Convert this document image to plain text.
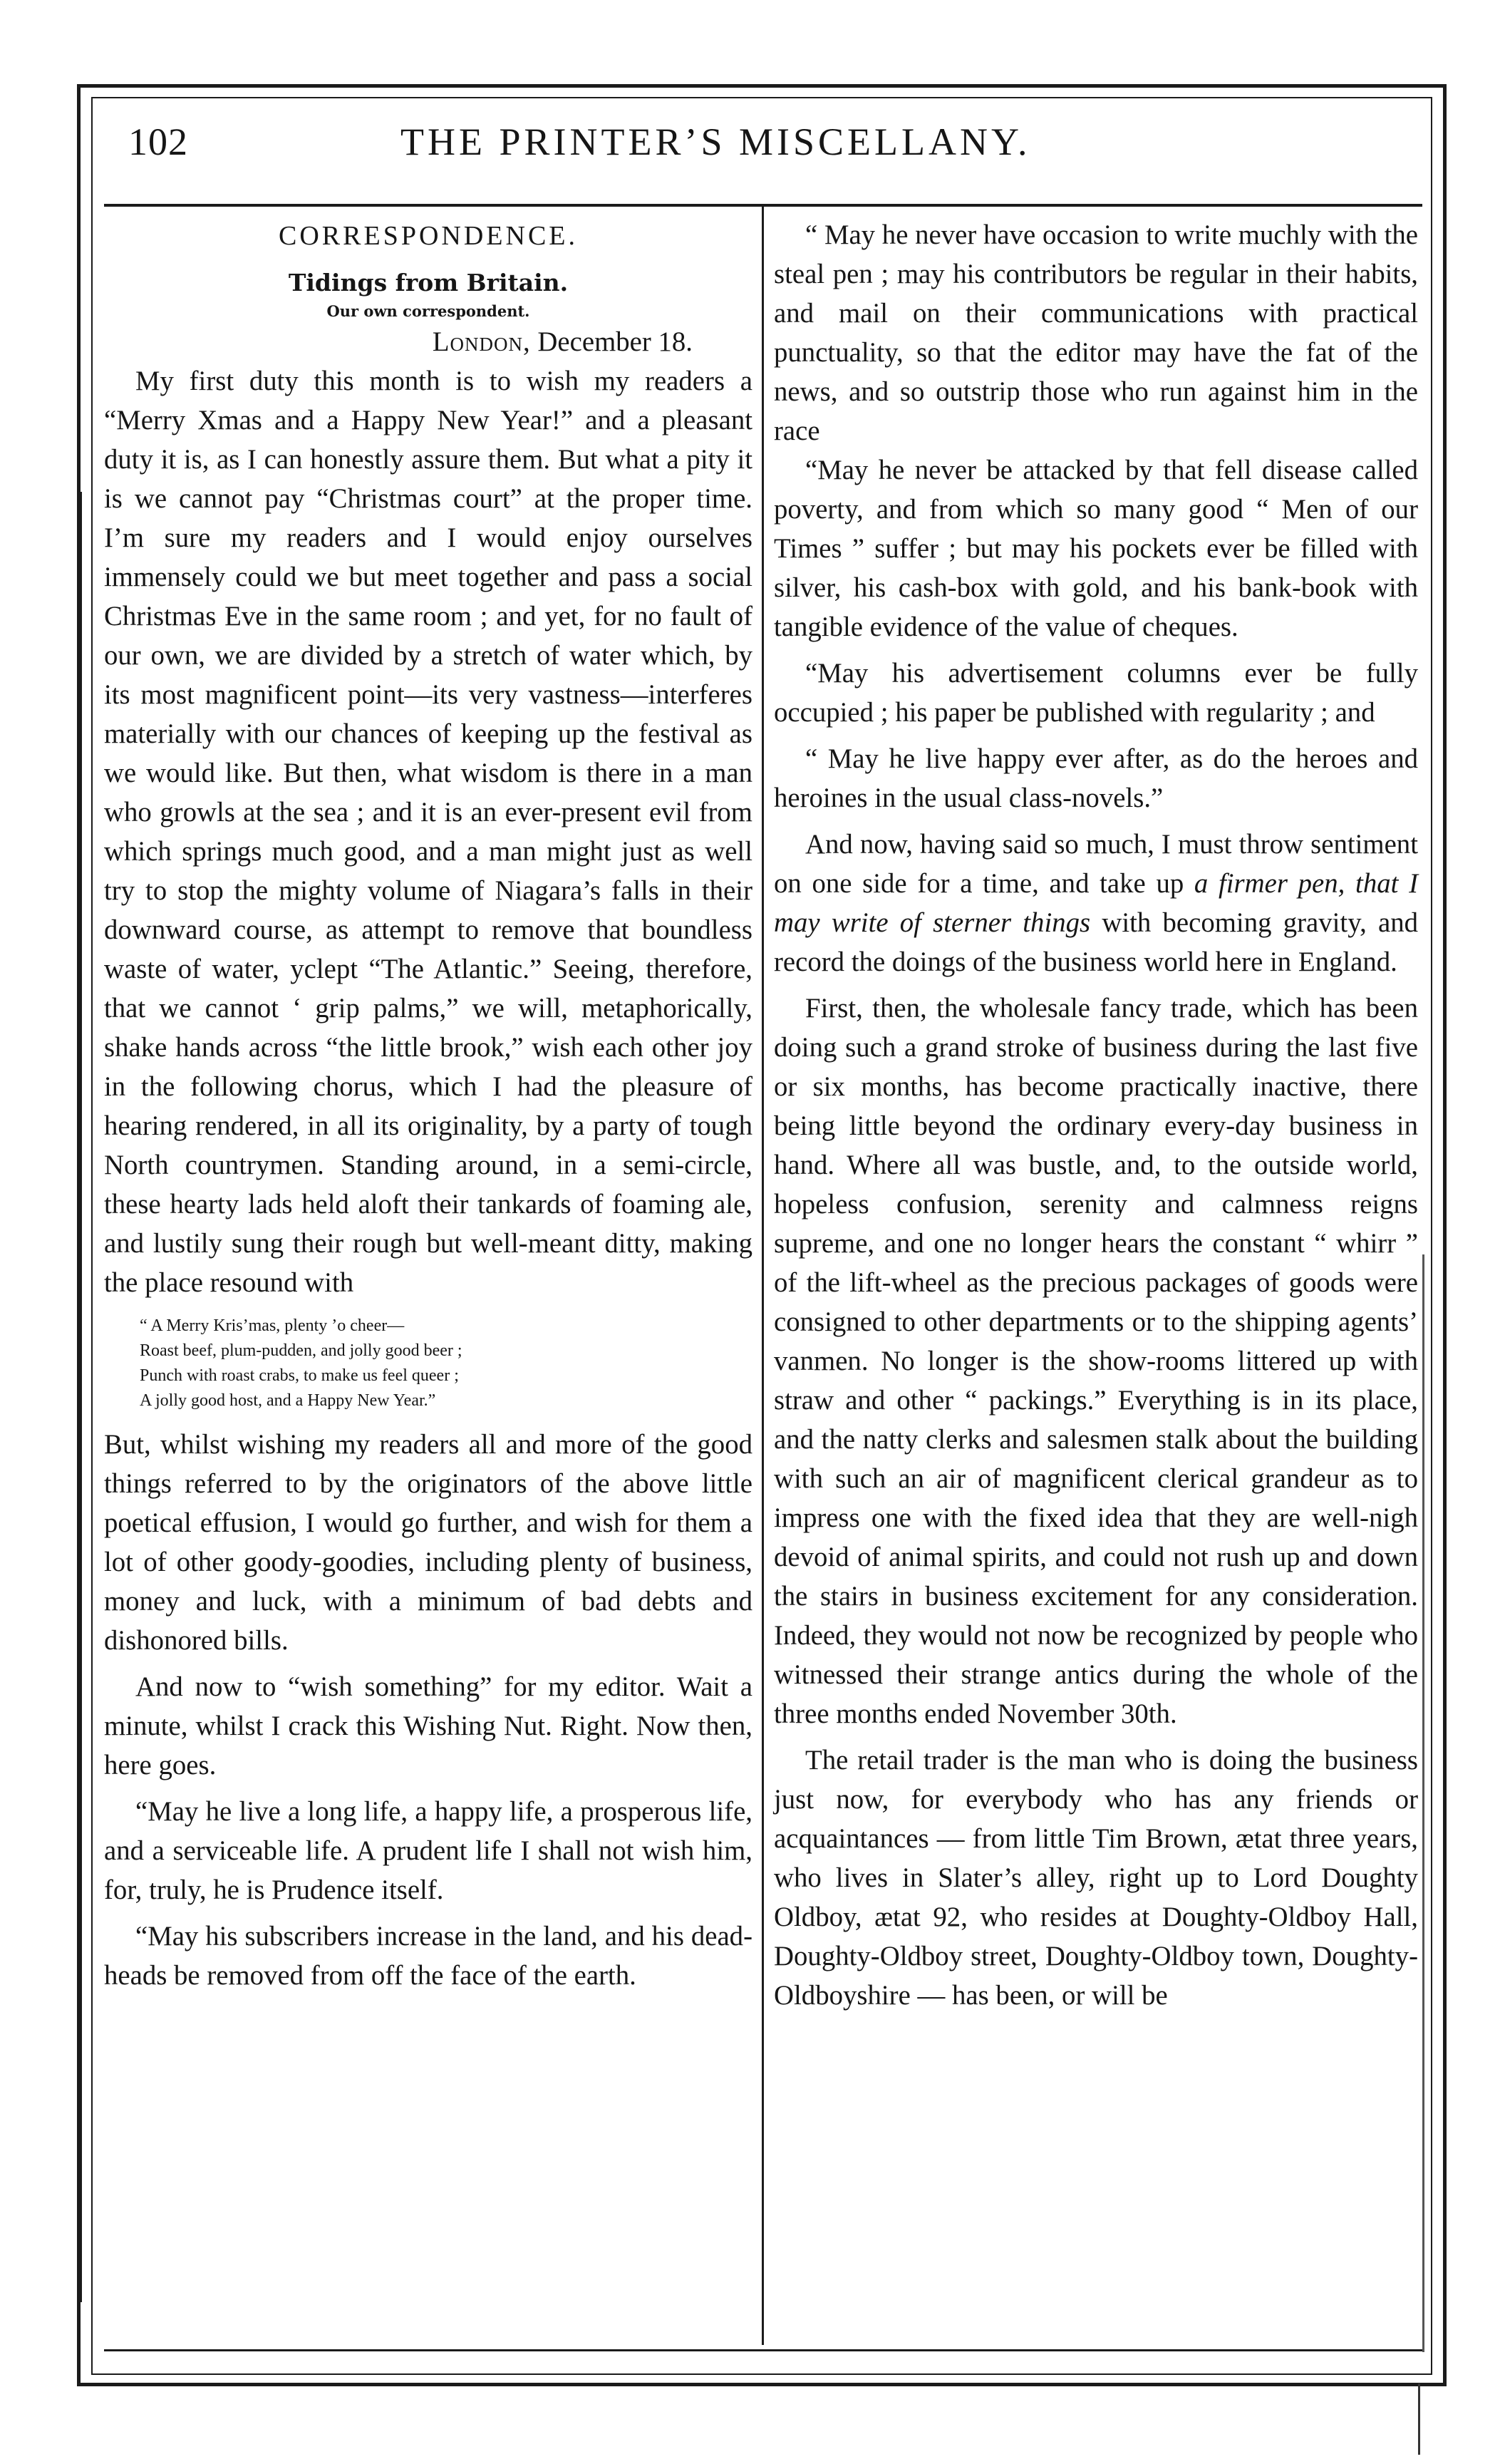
102	THE PRINTER’S MISCELLANY.

CORRESPONDENCE.

Tidings from Britain.

Our own correspondent.

London, December 18.

My first duty this month is to wish my readers a “Merry Xmas and a Happy New Year!” and a pleasant duty it is, as I can honestly assure them. But what a pity it is we cannot pay “Christmas court” at the proper time. I’m sure my readers and I would enjoy ourselves immensely could we but meet together and pass a social Christmas Eve in the same room ; and yet, for no fault of our own, we are divided by a stretch of water which, by its most magnificent point—its very vastness—interferes materially with our chances of keeping up the festival as we would like. But then, what wisdom is there in a man who growls at the sea ; and it is an ever-present evil from which springs much good, and a man might just as well try to stop the mighty volume of Niagara’s falls in their downward course, as attempt to remove that boundless waste of water, yclept “The Atlantic.” Seeing, therefore, that we cannot ‘ grip palms,” we will, metaphorically, shake hands across “the little brook,” wish each other joy in the following chorus, which I had the pleasure of hearing rendered, in all its originality, by a party of tough North countrymen. Standing around, in a semi-circle, these hearty lads held aloft their tankards of foaming ale, and lustily sung their rough but well-meant ditty, making the place resound with

“ A Merry Kris’mas, plenty ’o cheer—
Roast beef, plum-pudden, and jolly good beer ;
Punch with roast crabs, to make us feel queer ;
A jolly good host, and a Happy New Year.”

But, whilst wishing my readers all and more of the good things referred to by the originators of the above little poetical effusion, I would go further, and wish for them a lot of other goody-goodies, including plenty of business, money and luck, with a minimum of bad debts and dishonored bills.

And now to “wish something” for my editor. Wait a minute, whilst I crack this Wishing Nut. Right. Now then, here goes.

“May he live a long life, a happy life, a prosperous life, and a serviceable life. A prudent life I shall not wish him, for, truly, he is Prudence itself.

“May his subscribers increase in the land, and his dead-heads be removed from off the face of the earth.

“ May he never have occasion to write muchly with the steal pen ; may his contributors be regular in their habits, and mail on their communications with practical punctuality, so that the editor may have the fat of the news, and so outstrip those who run against him in the race

“May he never be attacked by that fell disease called poverty, and from which so many good “ Men of our Times ” suffer ; but may his pockets ever be filled with silver, his cash-box with gold, and his bank-book with tangible evidence of the value of cheques.

“May his advertisement columns ever be fully occupied ; his paper be published with regularity ; and

“ May he live happy ever after, as do the heroes and heroines in the usual class-novels.”

And now, having said so much, I must throw sentiment on one side for a time, and take up a firmer pen, that I may write of sterner things with becoming gravity, and record the doings of the business world here in England.

First, then, the wholesale fancy trade, which has been doing such a grand stroke of business during the last five or six months, has become practically inactive, there being little beyond the ordinary every-day business in hand. Where all was bustle, and, to the outside world, hopeless confusion, serenity and calmness reigns supreme, and one no longer hears the constant “ whirr ” of the lift-wheel as the precious packages of goods were consigned to other departments or to the shipping agents’ vanmen. No longer is the show-rooms littered up with straw and other “ packings.” Everything is in its place, and the natty clerks and salesmen stalk about the building with such an air of magnificent clerical grandeur as to impress one with the fixed idea that they are well-nigh devoid of animal spirits, and could not rush up and down the stairs in business excitement for any consideration. Indeed, they would not now be recognized by people who witnessed their strange antics during the whole of the three months ended November 30th.

The retail trader is the man who is doing the business just now, for everybody who has any friends or acquaintances — from little Tim Brown, ætat three years, who lives in Slater’s alley, right up to Lord Doughty Oldboy, ætat 92, who resides at Doughty-Oldboy Hall, Doughty-Oldboy street, Doughty-Oldboy town, Doughty-Oldboyshire — has been, or will be
